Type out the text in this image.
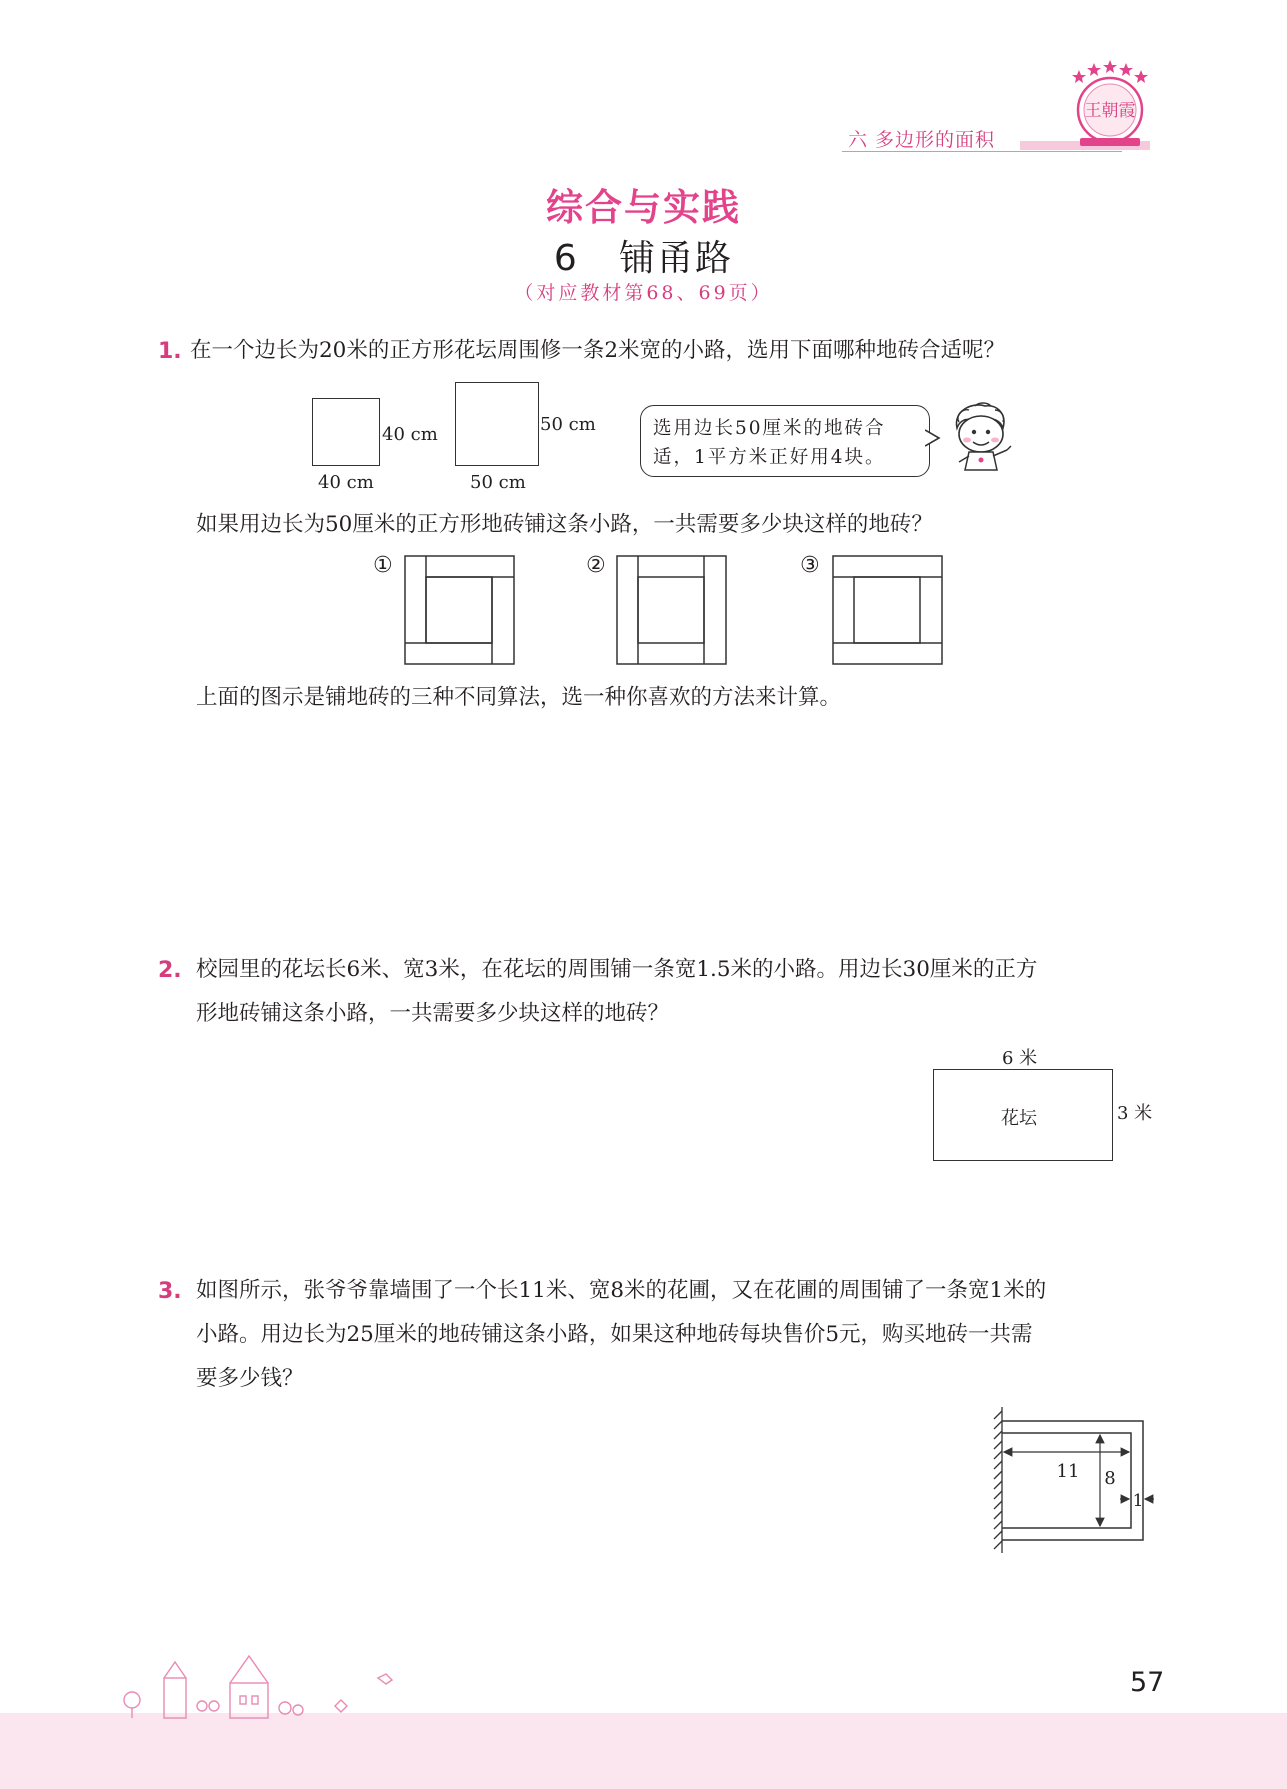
六 多边形的面积
王朝霞
综合与实践
6   铺甬路
（对应教材第68、69页）
1. 在一个边长为20米的正方形花坛周围修一条2米宽的小路，选用下面哪种地砖合适呢？
40 cm
40 cm
50 cm
50 cm
选用边长50厘米的地砖合
适，1平方米正好用4块。
如果用边长为50厘米的正方形地砖铺这条小路，一共需要多少块这样的地砖？
①	②	③
上面的图示是铺地砖的三种不同算法，选一种你喜欢的方法来计算。
2. 校园里的花坛长6米、宽3米，在花坛的周围铺一条宽1.5米的小路。用边长30厘米的正方
形地砖铺这条小路，一共需要多少块这样的地砖？
6 米
花坛	3 米
3. 如图所示，张爷爷靠墙围了一个长11米、宽8米的花圃，又在花圃的周围铺了一条宽1米的
小路。用边长为25厘米的地砖铺这条小路，如果这种地砖每块售价5元，购买地砖一共需
要多少钱？
11 8
1
57
